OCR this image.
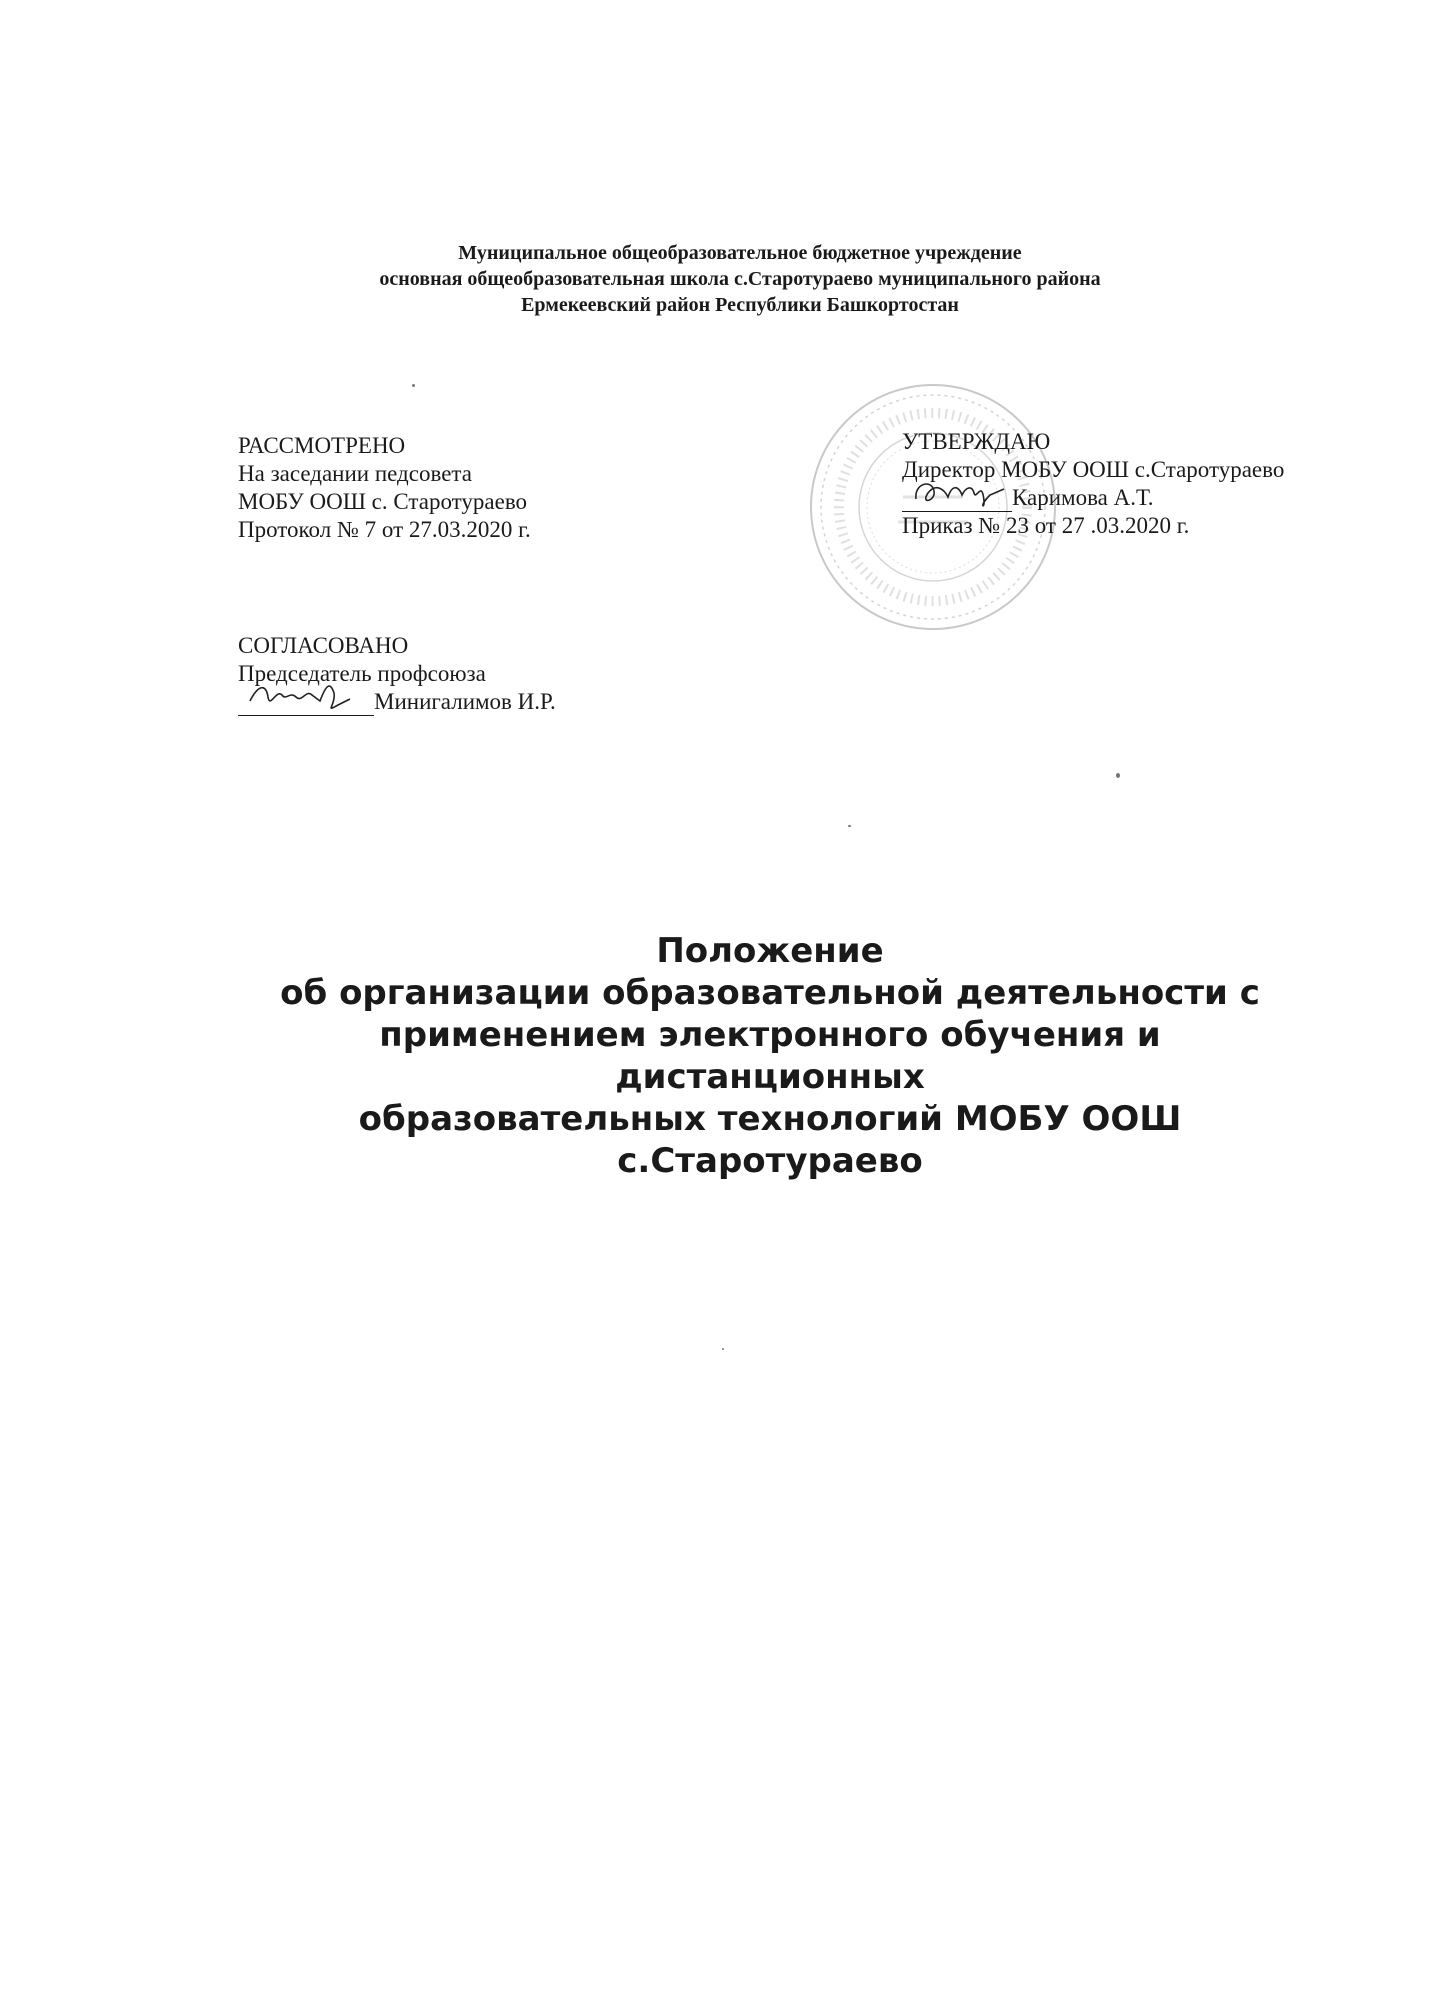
Муниципальное общеобразовательное бюджетное учреждение
основная общеобразовательная школа с.Старотураево муниципального района
Ермекеевский район Республики Башкортостан
РАССМОТРЕНО
На заседании педсовета
МОБУ ООШ с. Старотураево
Протокол № 7 от 27.03.2020 г.
СОГЛАСОВАНО
Председатель профсоюза
Минигалимов И.Р.
УТВЕРЖДАЮ
Директор МОБУ ООШ с.Старотураево
Каримова А.Т.
Приказ № 23 от 27 .03.2020 г.
Положение
об организации образовательной деятельности с
применением электронного обучения и дистанционных
образовательных технологий МОБУ ООШ
с.Старотураево
